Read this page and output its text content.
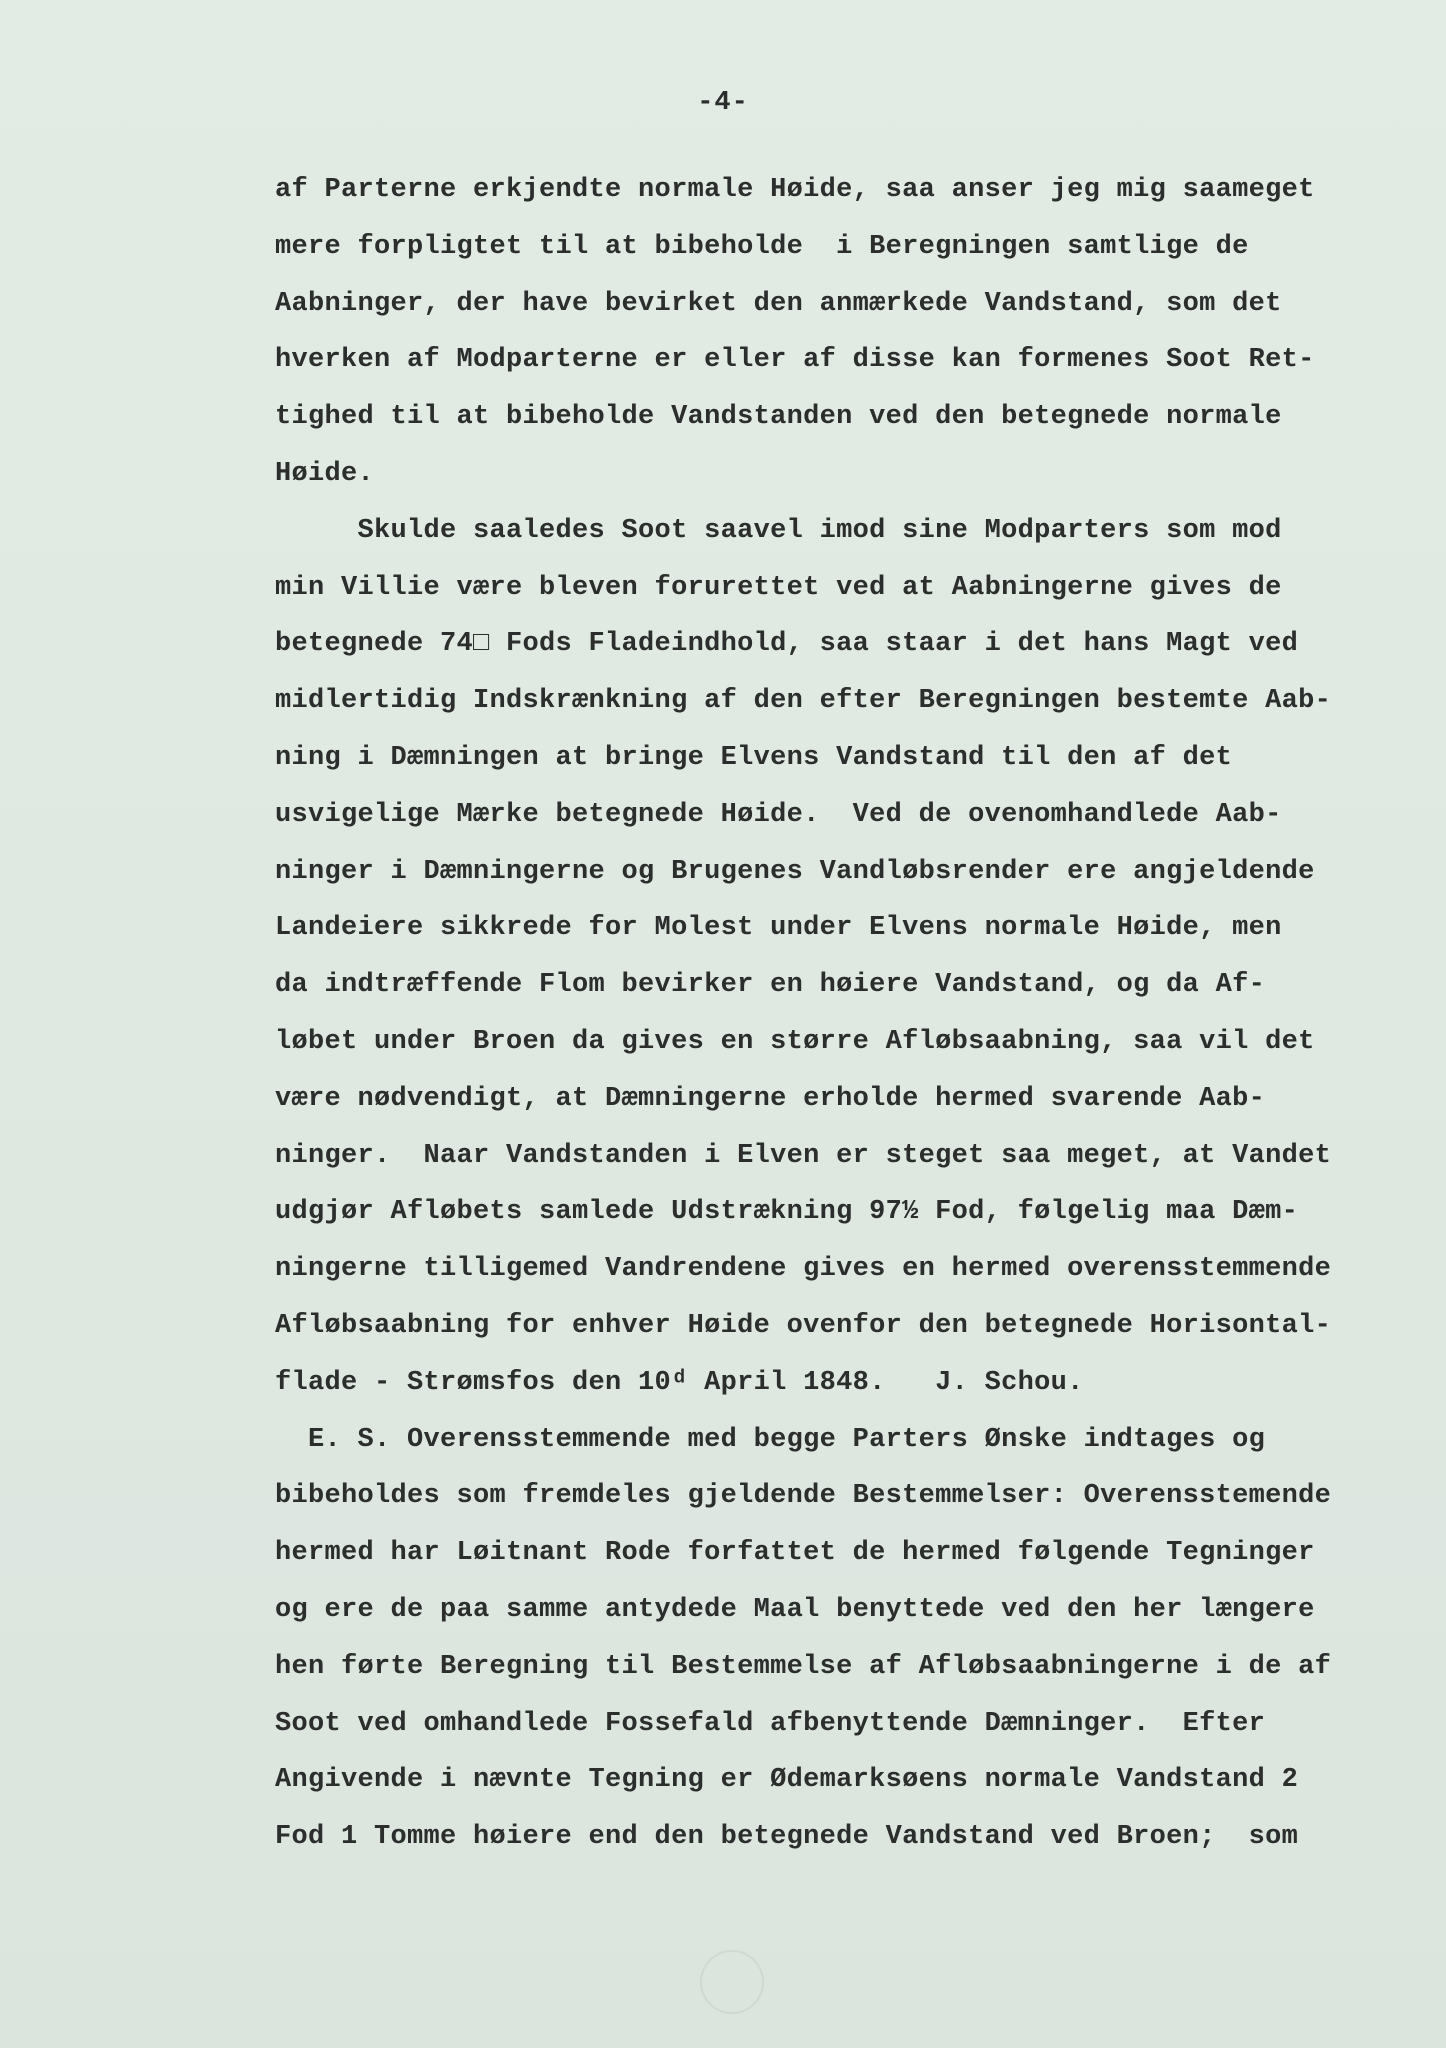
-4-
af Parterne erkjendte normale Høide, saa anser jeg mig saameget
mere forpligtet til at bibeholde  i Beregningen samtlige de
Aabninger, der have bevirket den anmærkede Vandstand, som det
hverken af Modparterne er eller af disse kan formenes Soot Ret-
tighed til at bibeholde Vandstanden ved den betegnede normale
Høide.
Skulde saaledes Soot saavel imod sine Modparters som mod
min Villie være bleven forurettet ved at Aabningerne gives de
betegnede 74□ Fods Fladeindhold, saa staar i det hans Magt ved
midlertidig Indskrænkning af den efter Beregningen bestemte Aab-
ning i Dæmningen at bringe Elvens Vandstand til den af det
usvigelige Mærke betegnede Høide.  Ved de ovenomhandlede Aab-
ninger i Dæmningerne og Brugenes Vandløbsrender ere angjeldende
Landeiere sikkrede for Molest under Elvens normale Høide, men
da indtræffende Flom bevirker en høiere Vandstand, og da Af-
løbet under Broen da gives en større Afløbsaabning, saa vil det
være nødvendigt, at Dæmningerne erholde hermed svarende Aab-
ninger.  Naar Vandstanden i Elven er steget saa meget, at Vandet
udgjør Afløbets samlede Udstrækning 97½ Fod, følgelig maa Dæm-
ningerne tilligemed Vandrendene gives en hermed overensstemmende
Afløbsaabning for enhver Høide ovenfor den betegnede Horisontal-
flade - Strømsfos den 10ᵈ April 1848.   J. Schou.
E. S. Overensstemmende med begge Parters Ønske indtages og
bibeholdes som fremdeles gjeldende Bestemmelser: Overensstemende
hermed har Løitnant Rode forfattet de hermed følgende Tegninger
og ere de paa samme antydede Maal benyttede ved den her længere
hen førte Beregning til Bestemmelse af Afløbsaabningerne i de af
Soot ved omhandlede Fossefald afbenyttende Dæmninger.  Efter
Angivende i nævnte Tegning er Ødemarksøens normale Vandstand 2
Fod 1 Tomme høiere end den betegnede Vandstand ved Broen;  som
